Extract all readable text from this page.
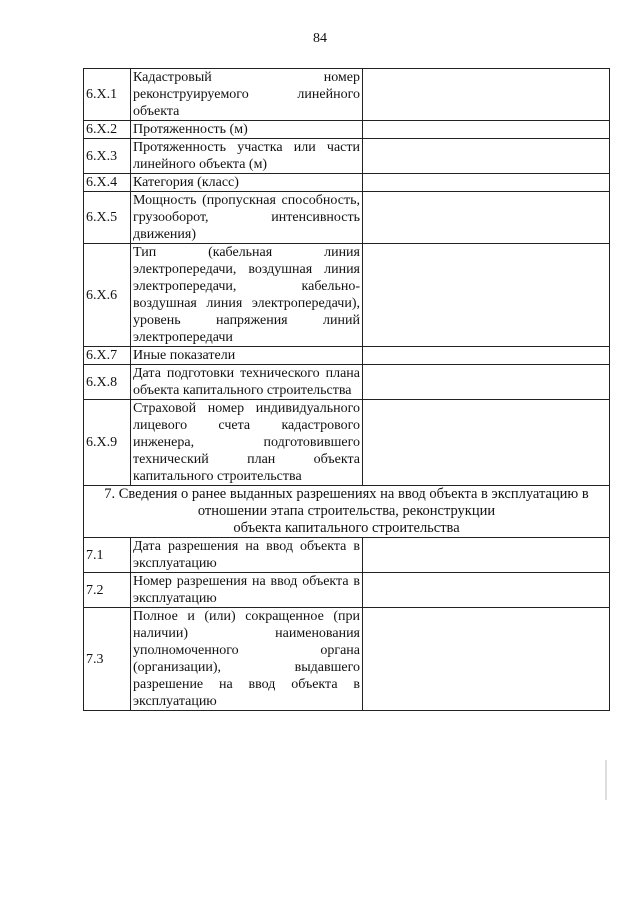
84
6.X.1	Кадастровый номер реконструируемого линейного объекта	
6.X.2	Протяженность (м)	
6.X.3	Протяженность участка или части линейного объекта (м)	
6.X.4	Категория (класс)	
6.X.5	Мощность (пропускная способность, грузооборот, интенсивность движения)	
6.X.6	Тип (кабельная линия электропередачи, воздушная линия электропередачи, кабельно-воздушная линия электропередачи), уровень напряжения линий электропередачи	
6.X.7	Иные показатели	
6.X.8	Дата подготовки технического плана объекта капитального строительства	
6.X.9	Страховой номер индивидуального лицевого счета кадастрового инженера, подготовившего технический план объекта капитального строительства	

7. Сведения о ранее выданных разрешениях на ввод объекта в эксплуатацию в
отношении этапа строительства, реконструкции
объекта капитального строительства		

7.1	Дата разрешения на ввод объекта в эксплуатацию	
7.2	Номер разрешения на ввод объекта в эксплуатацию	
7.3	Полное и (или) сокращенное (при наличии) наименования уполномоченного органа (организации), выдавшего разрешение на ввод объекта в эксплуатацию	
